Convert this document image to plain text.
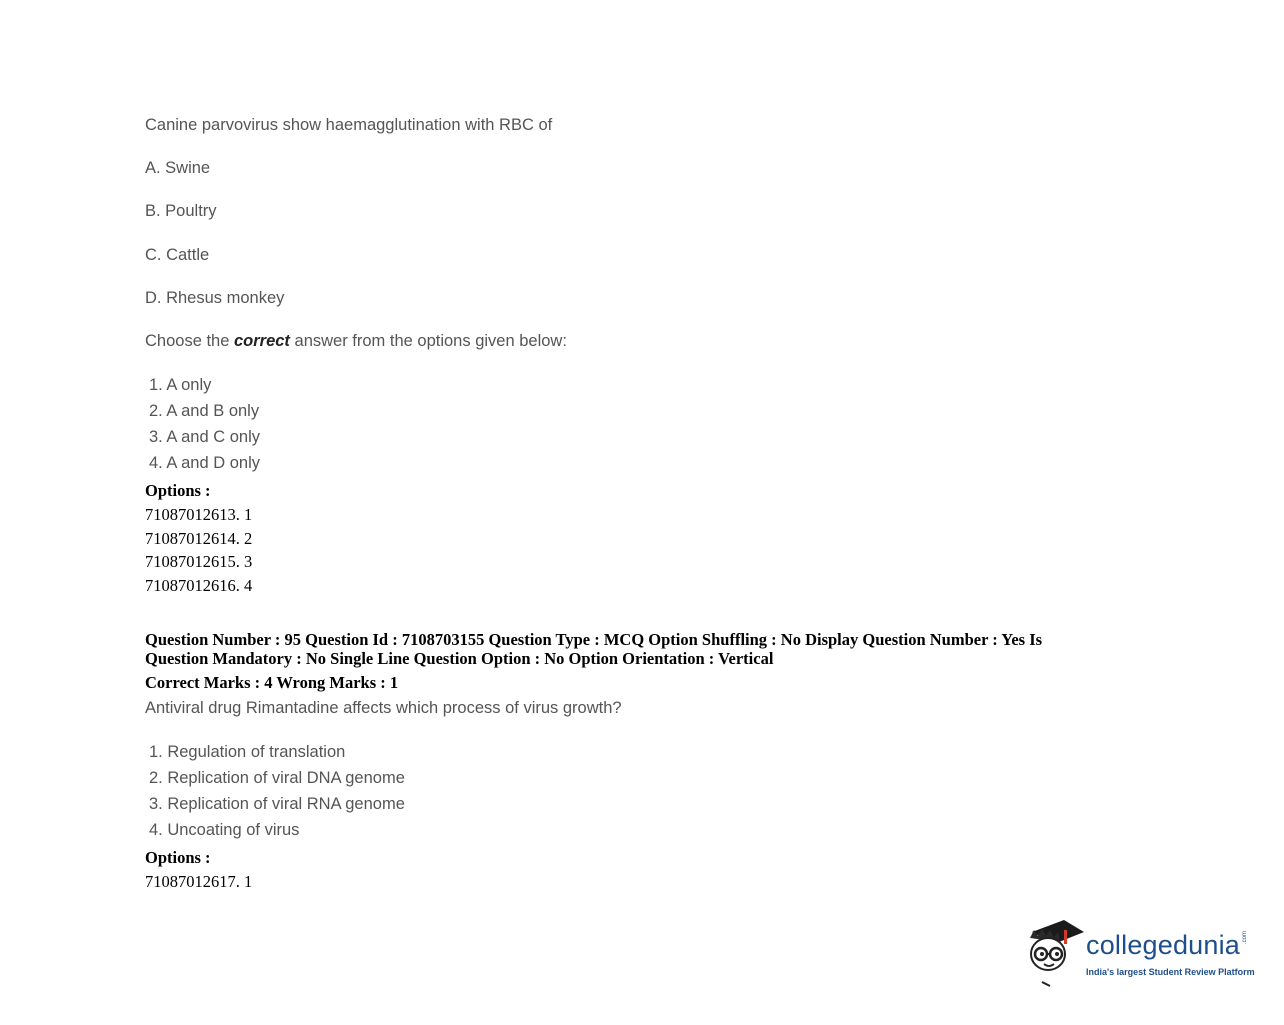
Canine parvovirus show haemagglutination with RBC of
A. Swine
B. Poultry
C. Cattle
D. Rhesus monkey
Choose the correct answer from the options given below:
1. A only
2. A and B only
3. A and C only
4. A and D only
Options :
71087012613. 1
71087012614. 2
71087012615. 3
71087012616. 4
Question Number : 95 Question Id : 7108703155 Question Type : MCQ Option Shuffling : No Display Question Number : Yes Is Question Mandatory : No Single Line Question Option : No Option Orientation : Vertical
Correct Marks : 4 Wrong Marks : 1
Antiviral drug Rimantadine affects which process of virus growth?
1. Regulation of translation
2. Replication of viral DNA genome
3. Replication of viral RNA genome
4. Uncoating of virus
Options :
71087012617. 1
collegedunia .com
India's largest Student Review Platform
